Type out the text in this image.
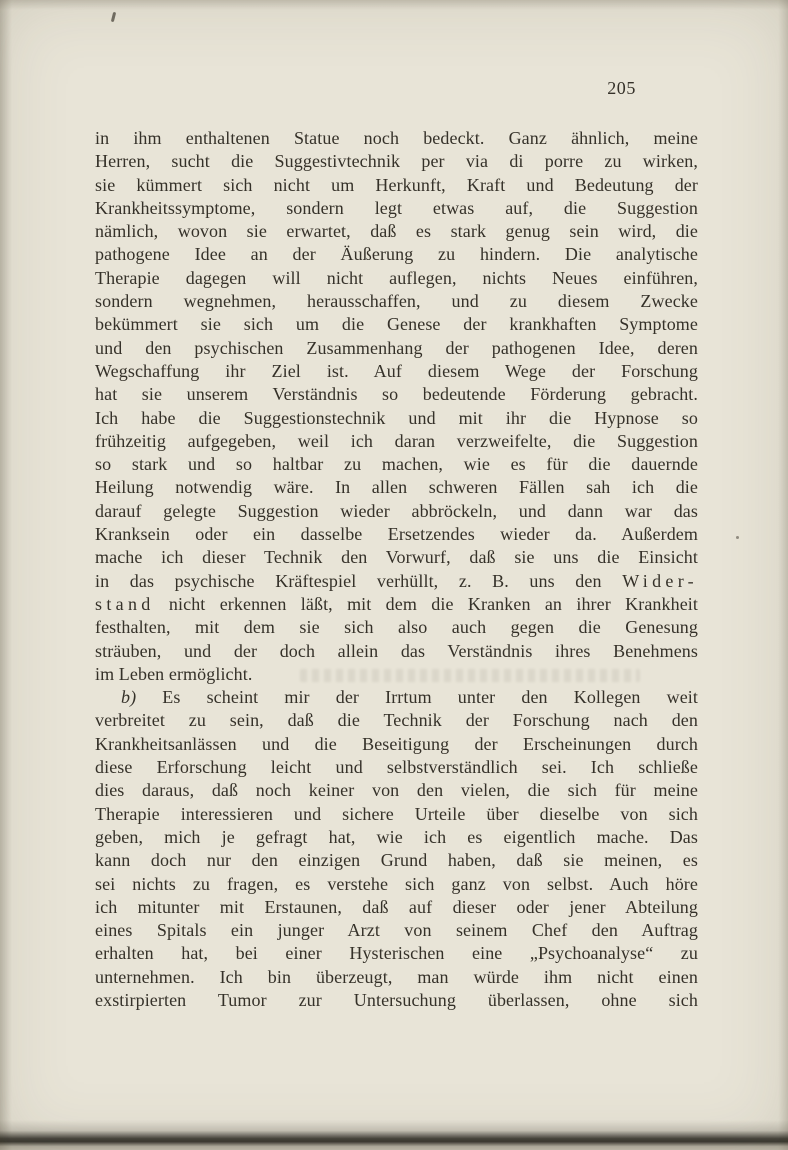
205
in ihm enthaltenen Statue noch bedeckt. Ganz ähnlich, meine
Herren, sucht die Suggestivtechnik per via di porre zu wirken,
sie kümmert sich nicht um Herkunft, Kraft und Bedeutung der
Krankheitssymptome, sondern legt etwas auf, die Suggestion
nämlich, wovon sie erwartet, daß es stark genug sein wird, die
pathogene Idee an der Äußerung zu hindern. Die analytische
Therapie dagegen will nicht auflegen, nichts Neues einführen,
sondern wegnehmen, herausschaffen, und zu diesem Zwecke
bekümmert sie sich um die Genese der krankhaften Symptome
und den psychischen Zusammenhang der pathogenen Idee, deren
Wegschaffung ihr Ziel ist. Auf diesem Wege der Forschung
hat sie unserem Verständnis so bedeutende Förderung gebracht.
Ich habe die Suggestionstechnik und mit ihr die Hypnose so
frühzeitig aufgegeben, weil ich daran verzweifelte, die Suggestion
so stark und so haltbar zu machen, wie es für die dauernde
Heilung notwendig wäre. In allen schweren Fällen sah ich die
darauf gelegte Suggestion wieder abbröckeln, und dann war das
Kranksein oder ein dasselbe Ersetzendes wieder da. Außerdem
mache ich dieser Technik den Vorwurf, daß sie uns die Einsicht
in das psychische Kräftespiel verhüllt, z. B. uns den Wider-
stand nicht erkennen läßt, mit dem die Kranken an ihrer Krankheit
festhalten, mit dem sie sich also auch gegen die Genesung
sträuben, und der doch allein das Verständnis ihres Benehmens
im Leben ermöglicht.
b) Es scheint mir der Irrtum unter den Kollegen weit
verbreitet zu sein, daß die Technik der Forschung nach den
Krankheitsanlässen und die Beseitigung der Erscheinungen durch
diese Erforschung leicht und selbstverständlich sei. Ich schließe
dies daraus, daß noch keiner von den vielen, die sich für meine
Therapie interessieren und sichere Urteile über dieselbe von sich
geben, mich je gefragt hat, wie ich es eigentlich mache. Das
kann doch nur den einzigen Grund haben, daß sie meinen, es
sei nichts zu fragen, es verstehe sich ganz von selbst. Auch höre
ich mitunter mit Erstaunen, daß auf dieser oder jener Abteilung
eines Spitals ein junger Arzt von seinem Chef den Auftrag
erhalten hat, bei einer Hysterischen eine „Psychoanalyse“ zu
unternehmen. Ich bin überzeugt, man würde ihm nicht einen
exstirpierten Tumor zur Untersuchung überlassen, ohne sich
